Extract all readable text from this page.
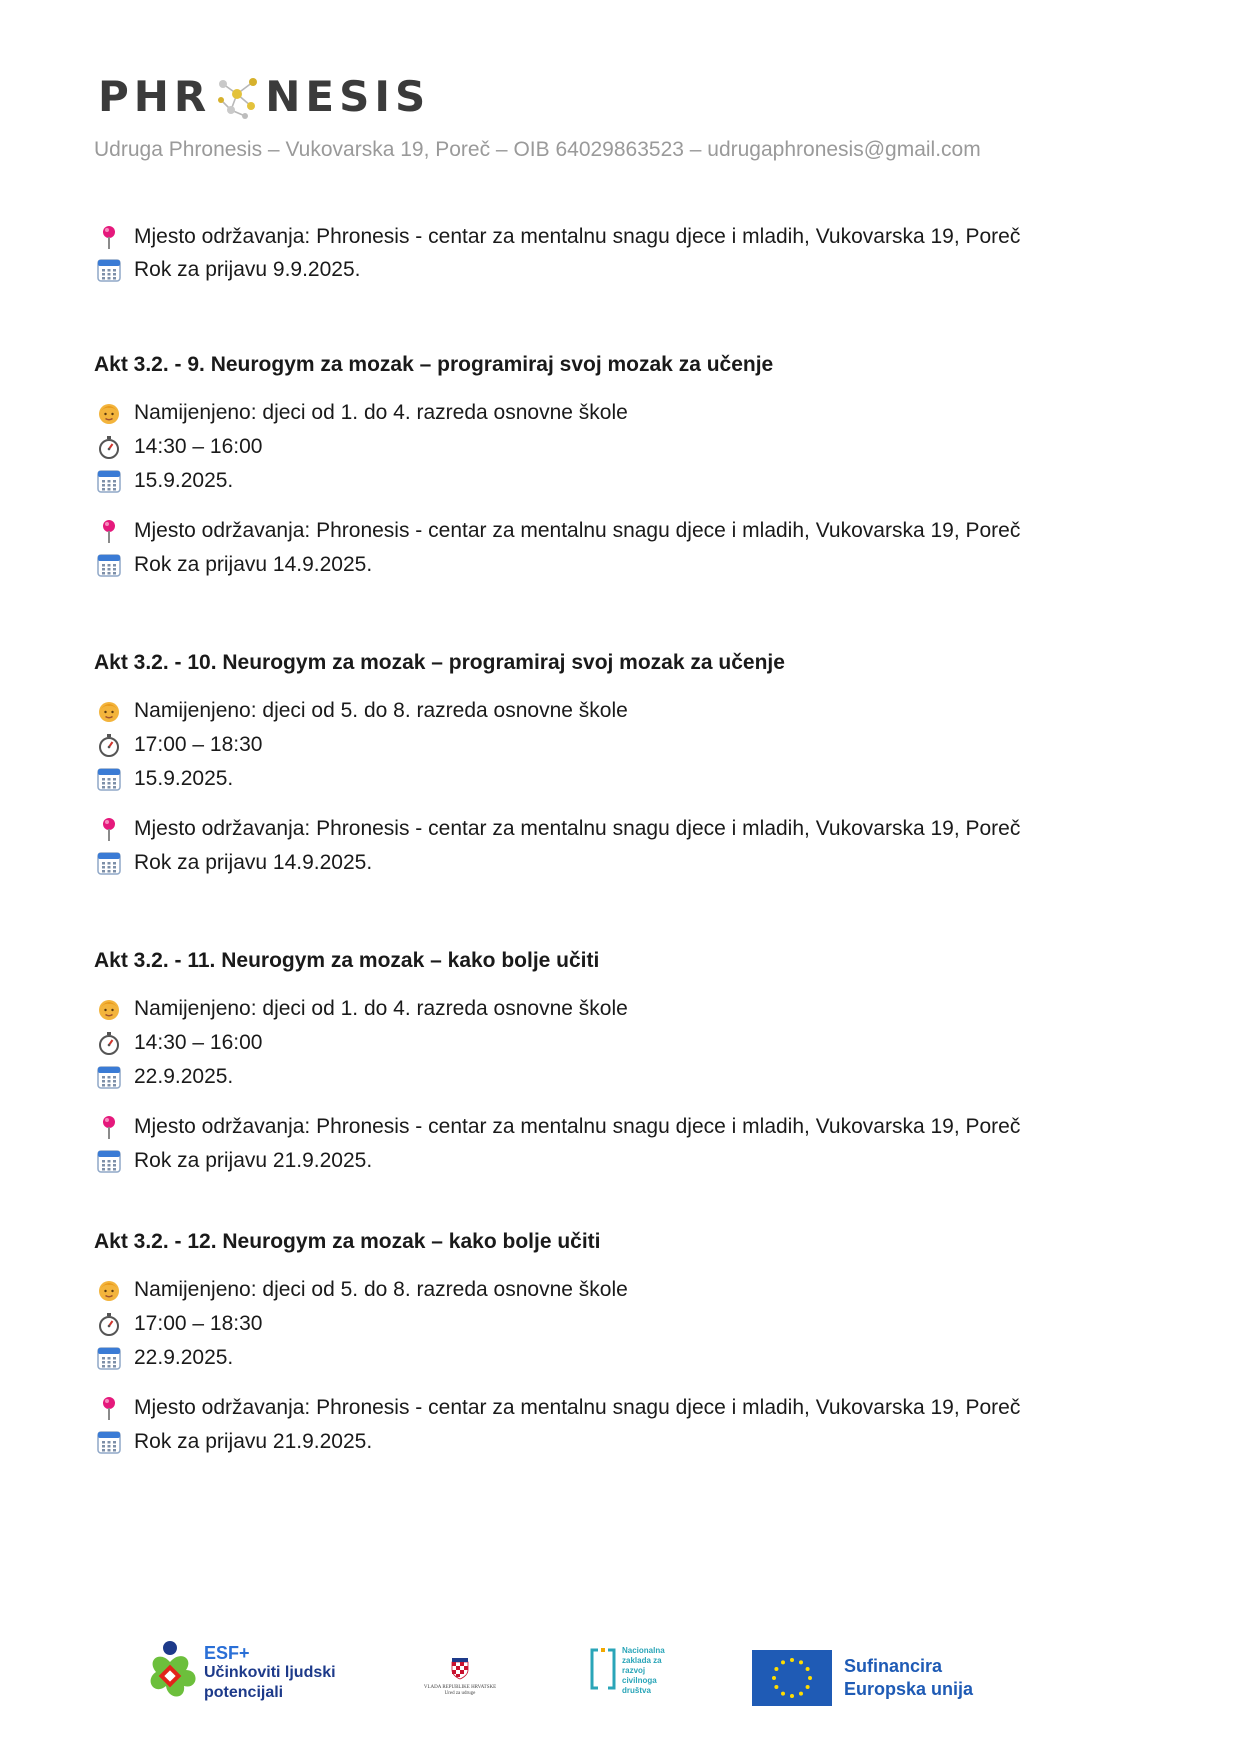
PHR NESIS
Udruga Phronesis – Vukovarska 19, Poreč – OIB 64029863523 – udrugaphronesis@gmail.com
Mjesto održavanja: Phronesis - centar za mentalnu snagu djece i mladih, Vukovarska 19, Poreč
Rok za prijavu 9.9.2025.
Akt 3.2. - 9. Neurogym za mozak – programiraj svoj mozak za učenje
Namijenjeno: djeci od 1. do 4. razreda osnovne škole
14:30 – 16:00
15.9.2025.
Mjesto održavanja: Phronesis - centar za mentalnu snagu djece i mladih, Vukovarska 19, Poreč
Rok za prijavu 14.9.2025.
Akt 3.2. - 10. Neurogym za mozak – programiraj svoj mozak za učenje
Namijenjeno: djeci od 5. do 8. razreda osnovne škole
17:00 – 18:30
15.9.2025.
Mjesto održavanja: Phronesis - centar za mentalnu snagu djece i mladih, Vukovarska 19, Poreč
Rok za prijavu 14.9.2025.
Akt 3.2. - 11. Neurogym za mozak – kako bolje učiti
Namijenjeno: djeci od 1. do 4. razreda osnovne škole
14:30 – 16:00
22.9.2025.
Mjesto održavanja: Phronesis - centar za mentalnu snagu djece i mladih, Vukovarska 19, Poreč
Rok za prijavu 21.9.2025.
Akt 3.2. - 12. Neurogym za mozak – kako bolje učiti
Namijenjeno: djeci od 5. do 8. razreda osnovne škole
17:00 – 18:30
22.9.2025.
Mjesto održavanja: Phronesis - centar za mentalnu snagu djece i mladih, Vukovarska 19, Poreč
Rok za prijavu 21.9.2025.
ESF+
Učinkoviti ljudski
potencijali	VLADA REPUBLIKE HRVATSKE
Ured za udruge
Nacionalna
zaklada za
razvoj
civilnoga
društva
Sufinancira
Europska unija
